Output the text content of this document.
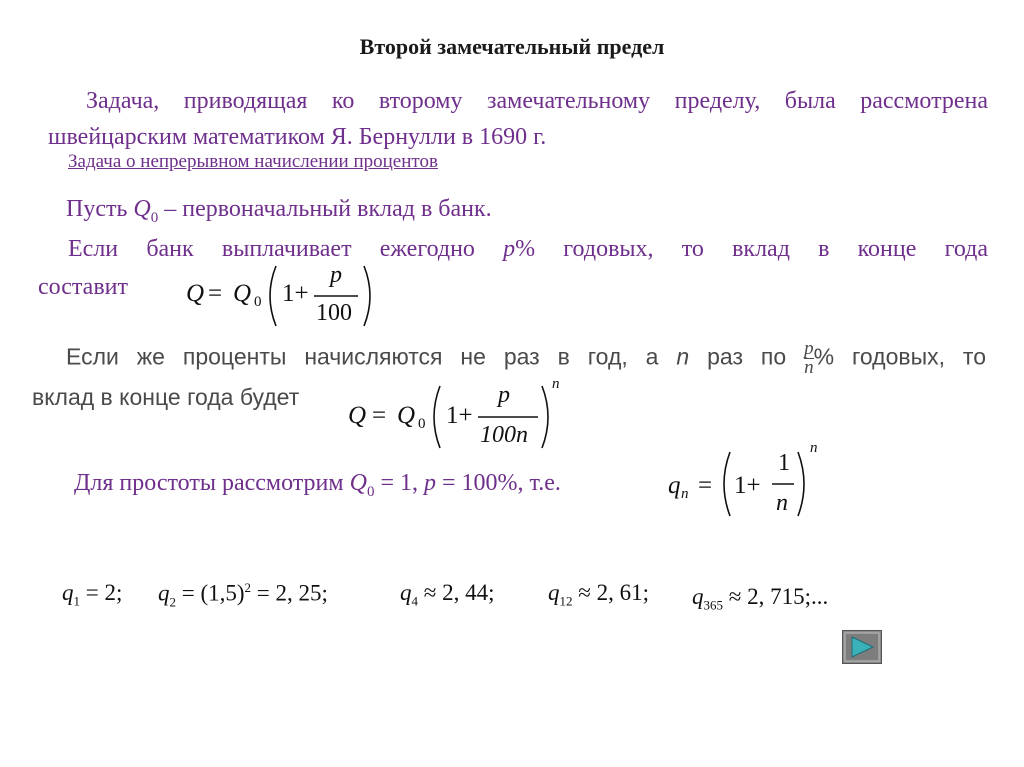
Второй замечательный предел
Задача, приводящая ко второму замечательному пределу, была рассмотрена
швейцарским математиком Я. Бернулли в 1690 г.
Задача о непрерывном начислении процентов
Пусть $Q_0$ – первоначальный вклад в банк.
Если банк выплачивает ежегодно p% годовых, то вклад в конце года
составит Q = Q 0 1+
p
100
Если же проценты начисляются не раз в год, а n раз по $\frac{p}{n}$ % годовых, то
вклад в конце года будет
Q = Q 0 1+
p
100n
n
Для простоты рассмотрим $Q_0 = 1$, p = 100%, т.е.	q n = 1+
1
n
n
$q_1 = 2$; $q_2 = (1,5)^2 = 2$, 25;	$q_4 \approx 2$, 44; $q_{12} \approx 2$, 61; $q_{365} \approx 2$, 715;...
